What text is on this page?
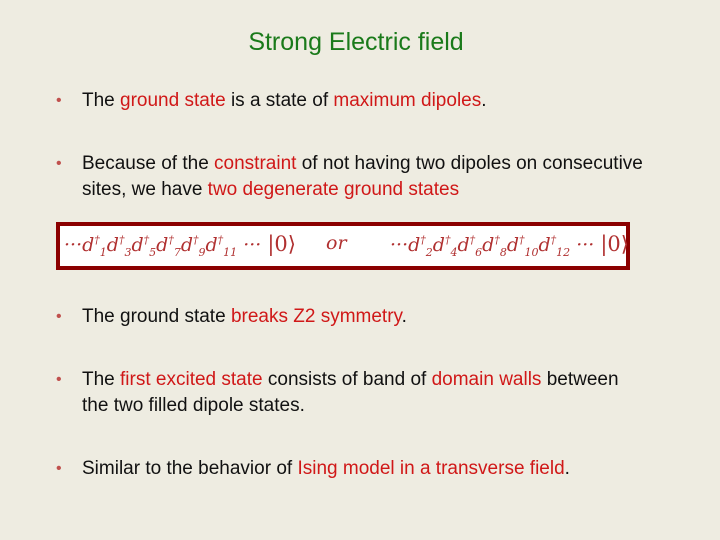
Strong Electric field
• The ground state is a state of maximum dipoles.
• Because of the constraint of not having two dipoles on consecutive sites, we have two degenerate ground states
$\cdot\cdot\cdot d^\dagger_1d^\dagger_3d^\dagger_5d^\dagger_7d^\dagger_9d^\dagger_{11}$ ··· |0⟩ or $\cdot\cdot\cdot d^\dagger_2d^\dagger_4d^\dagger_6d^\dagger_8d^\dagger_{10}d^\dagger_{12}$ ··· |0⟩
• The ground state breaks Z2 symmetry.
• The first excited state consists of band of domain walls between the two filled dipole states.
• Similar to the behavior of Ising model in a transverse field.
